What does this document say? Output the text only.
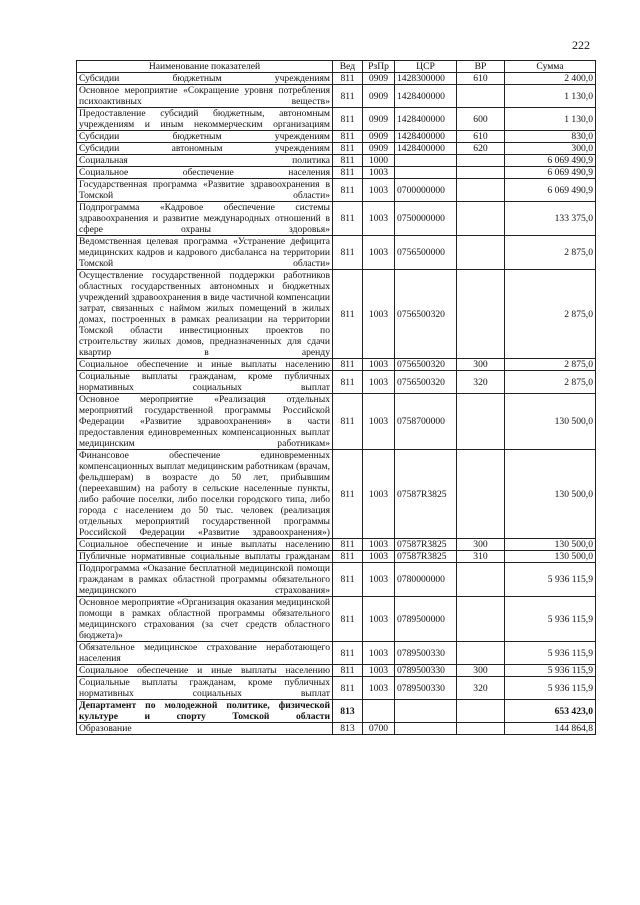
222
Наименование показателей	Вед	РзПр	ЦСР	ВР	Сумма
Субсидии бюджетным учреждениям	811	0909	1428300000	610	2 400,0
Основное мероприятие «Сокращение уровня потребления психоактивных веществ»	811	0909	1428400000		1 130,0
Предоставление субсидий бюджетным, автономным учреждениям и иным некоммерческим организациям	811	0909	1428400000	600	1 130,0
Субсидии бюджетным учреждениям	811	0909	1428400000	610	830,0
Субсидии автономным учреждениям	811	0909	1428400000	620	300,0
Социальная политика	811	1000			6 069 490,9
Социальное обеспечение населения	811	1003			6 069 490,9
Государственная программа «Развитие здравоохранения в Томской области»	811	1003	0700000000		6 069 490,9
Подпрограмма «Кадровое обеспечение системы здравоохранения и развитие международных отношений в сфере охраны здоровья»	811	1003	0750000000		133 375,0
Ведомственная целевая программа «Устранение дефицита медицинских кадров и кадрового дисбаланса на территории Томской области»	811	1003	0756500000		2 875,0
Осуществление государственной поддержки работников областных государственных автономных и бюджетных учреждений здравоохранения в виде частичной компенсации затрат, связанных с наймом жилых помещений в жилых домах, построенных в рамках реализации на территории Томской области инвестиционных проектов по строительству жилых домов, предназначенных для сдачи квартир в аренду	811	1003	0756500320		2 875,0
Социальное обеспечение и иные выплаты населению	811	1003	0756500320	300	2 875,0
Социальные выплаты гражданам, кроме публичных нормативных социальных выплат	811	1003	0756500320	320	2 875,0
Основное мероприятие «Реализация отдельных мероприятий государственной программы Российской Федерации «Развитие здравоохранения» в части предоставления единовременных компенсационных выплат медицинским работникам»	811	1003	0758700000		130 500,0
Финансовое обеспечение единовременных компенсационных выплат медицинским работникам (врачам, фельдшерам) в возрасте до 50 лет, прибывшим (переехавшим) на работу в сельские населенные пункты, либо рабочие поселки, либо поселки городского типа, либо города с населением до 50 тыс. человек (реализация отдельных мероприятий государственной программы Российской Федерации «Развитие здравоохранения»)	811	1003	07587R3825		130 500,0
Социальное обеспечение и иные выплаты населению	811	1003	07587R3825	300	130 500,0
Публичные нормативные социальные выплаты гражданам	811	1003	07587R3825	310	130 500,0
Подпрограмма «Оказание бесплатной медицинской помощи гражданам в рамках областной программы обязательного медицинского страхования»	811	1003	0780000000		5 936 115,9
Основное мероприятие «Организация оказания медицинской помощи в рамках областной программы обязательного медицинского страхования (за счет средств областного бюджета)»	811	1003	0789500000		5 936 115,9
Обязательное медицинское страхование неработающего населения	811	1003	0789500330		5 936 115,9
Социальное обеспечение и иные выплаты населению	811	1003	0789500330	300	5 936 115,9
Социальные выплаты гражданам, кроме публичных нормативных социальных выплат	811	1003	0789500330	320	5 936 115,9
Департамент по молодежной политике, физической культуре и спорту Томской области	813				653 423,0
Образование	813	0700			144 864,8
